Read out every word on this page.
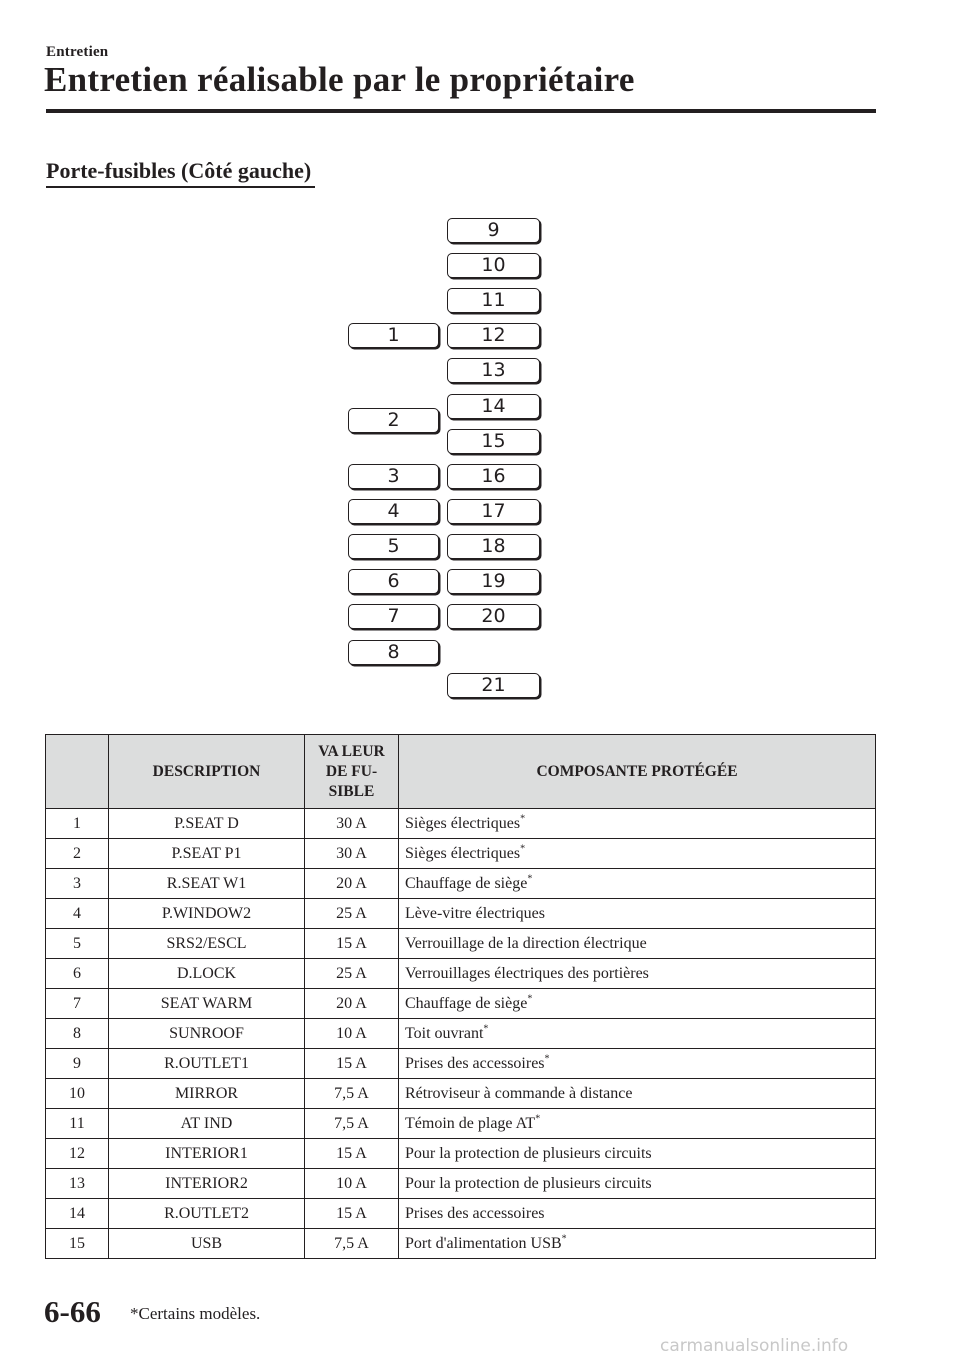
Entretien
Entretien réalisable par le propriétaire
Porte-fusibles (Côté gauche)
1
2
3
4
5
6
7
8
9
10
11
12
13
14
15
16
17
18
19
20
21
	DESCRIPTION	VA LEUR
DE FU-
SIBLE	COMPOSANTE PROTÉGÉE
1	P.SEAT D	30 A	Sièges électriques*
2	P.SEAT P1	30 A	Sièges électriques*
3	R.SEAT W1	20 A	Chauffage de siège*
4	P.WINDOW2	25 A	Lève-vitre électriques
5	SRS2/ESCL	15 A	Verrouillage de la direction électrique
6	D.LOCK	25 A	Verrouillages électriques des portières
7	SEAT WARM	20 A	Chauffage de siège*
8	SUNROOF	10 A	Toit ouvrant*
9	R.OUTLET1	15 A	Prises des accessoires*
10	MIRROR	7,5 A	Rétroviseur à commande à distance
11	AT IND	7,5 A	Témoin de plage AT*
12	INTERIOR1	15 A	Pour la protection de plusieurs circuits
13	INTERIOR2	10 A	Pour la protection de plusieurs circuits
14	R.OUTLET2	15 A	Prises des accessoires
15	USB	7,5 A	Port d'alimentation USB*
6-66 *Certains modèles.
carmanualsonline.info
